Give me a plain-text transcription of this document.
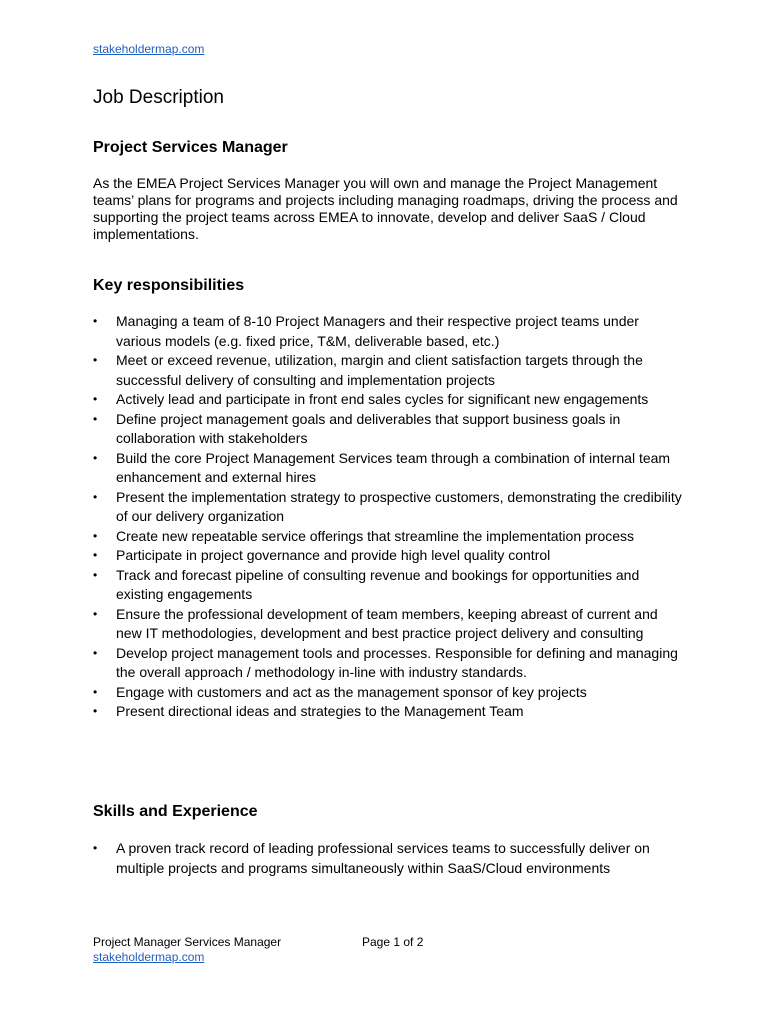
stakeholdermap.com
Job Description
Project Services Manager

As the EMEA Project Services Manager you will own and manage the Project Management teams’ plans for programs and projects including managing roadmaps, driving the process and supporting the project teams across EMEA to innovate, develop and deliver SaaS / Cloud implementations.

Key responsibilities
• Managing a team of 8-10 Project Managers and their respective project teams under various models (e.g. fixed price, T&M, deliverable based, etc.)
• Meet or exceed revenue, utilization, margin and client satisfaction targets through the successful delivery of consulting and implementation projects
• Actively lead and participate in front end sales cycles for significant new engagements
• Define project management goals and deliverables that support business goals in collaboration with stakeholders
• Build the core Project Management Services team through a combination of internal team enhancement and external hires
• Present the implementation strategy to prospective customers, demonstrating the credibility of our delivery organization
• Create new repeatable service offerings that streamline the implementation process
• Participate in project governance and provide high level quality control
• Track and forecast pipeline of consulting revenue and bookings for opportunities and existing engagements
• Ensure the professional development of team members, keeping abreast of current and new IT methodologies, development and best practice project delivery and consulting
• Develop project management tools and processes. Responsible for defining and managing the overall approach / methodology in-line with industry standards.
• Engage with customers and act as the management sponsor of key projects
• Present directional ideas and strategies to the Management Team
Skills and Experience
• A proven track record of leading professional services teams to successfully deliver on multiple projects and programs simultaneously within SaaS/Cloud environments
Project Manager Services Manager	Page 1 of 2
stakeholdermap.com
